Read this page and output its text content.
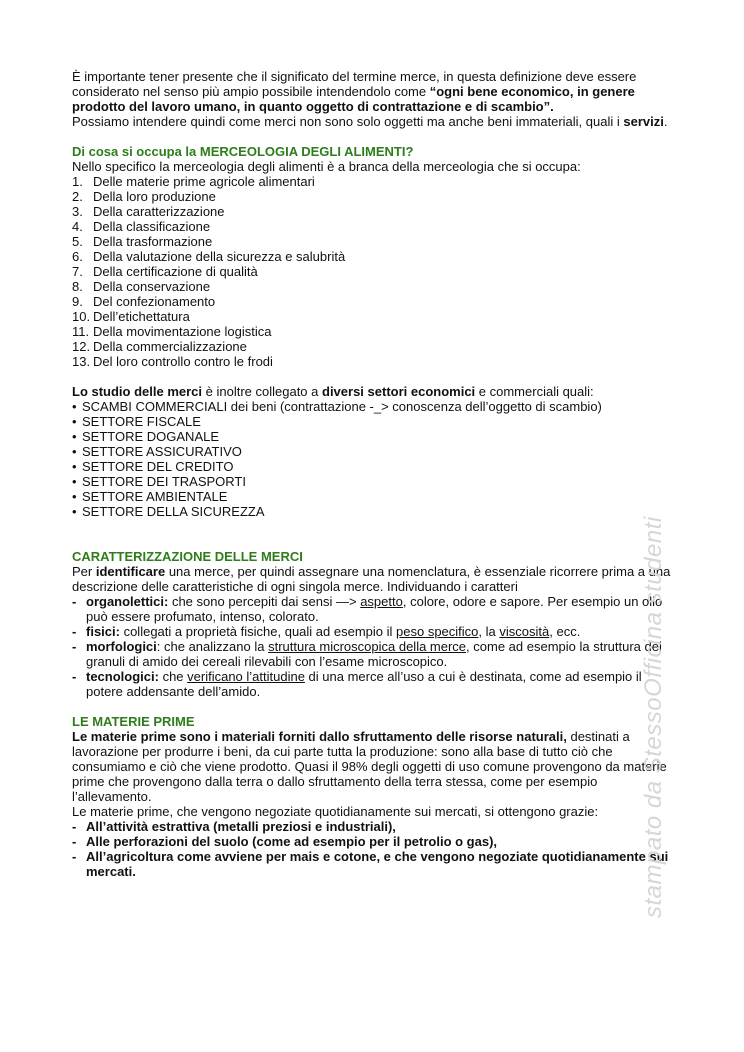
È importante tener presente che il significato del termine merce, in questa definizione deve essere considerato nel senso più ampio possibile intendendolo come “ogni bene economico, in genere prodotto del lavoro umano, in quanto oggetto di contrattazione e di scambio”.

Possiamo intendere quindi come merci non sono solo oggetti ma anche beni immateriali, quali i servizi.

Di cosa si occupa la MERCEOLOGIA DEGLI ALIMENTI?

Nello specifico la merceologia degli alimenti è a branca della merceologia che si occupa:

1. Delle materie prime agricole alimentari
2. Della loro produzione
3. Della caratterizzazione
4. Della classificazione
5. Della trasformazione
6. Della valutazione della sicurezza e salubrità
7. Della certificazione di qualità
8. Della conservazione
9. Del confezionamento
10. Dell’etichettatura
11. Della movimentazione logistica
12. Della commercializzazione
13. Del loro controllo contro le frodi

Lo studio delle merci è inoltre collegato a diversi settori economici e commerciali quali:

• SCAMBI COMMERCIALI dei beni (contrattazione -_> conoscenza dell’oggetto di scambio)
• SETTORE FISCALE
• SETTORE DOGANALE
• SETTORE ASSICURATIVO
• SETTORE DEL CREDITO
• SETTORE DEI TRASPORTI
• SETTORE AMBIENTALE
• SETTORE DELLA SICUREZZA

CARATTERIZZAZIONE DELLE MERCI

Per identificare una merce, per quindi assegnare una nomenclatura, è essenziale ricorrere prima a una descrizione delle caratteristiche di ogni singola merce. Individuando i caratteri

- organolettici: che sono percepiti dai sensi —> aspetto, colore, odore e sapore. Per esempio un olio può essere profumato, intenso, colorato.
- fisici: collegati a proprietà fisiche, quali ad esempio il peso specifico, la viscosità, ecc.
- morfologici: che analizzano la struttura microscopica della merce, come ad esempio la struttura dei granuli di amido dei cereali rilevabili con l’esame microscopico.
- tecnologici: che verificano l’attitudine di una merce all’uso a cui è destinata, come ad esempio il potere addensante dell’amido.

LE MATERIE PRIME

Le materie prime sono i materiali forniti dallo sfruttamento delle risorse naturali, destinati a lavorazione per produrre i beni, da cui parte tutta la produzione: sono alla base di tutto ciò che consumiamo e ciò che viene prodotto. Quasi il 98% degli oggetti di uso comune provengono da materie prime che provengono dalla terra o dallo sfruttamento della terra stessa, come per esempio l’allevamento.

Le materie prime, che vengono negoziate quotidianamente sui mercati, si ottengono grazie:

- All’attività estrattiva (metalli preziosi e industriali),
- Alle perforazioni del suolo (come ad esempio per il petrolio o gas),
- All’agricoltura come avviene per mais e cotone, e che vengono negoziate quotidianamente sui mercati.	stampato da StessoOfficina studenti
